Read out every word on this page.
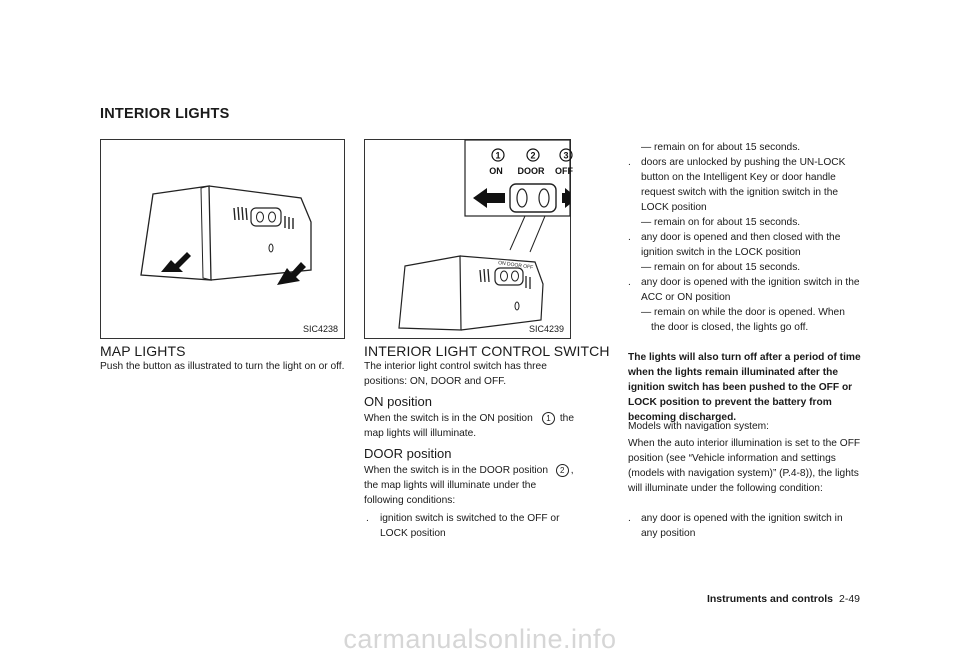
INTERIOR LIGHTS
SIC4238
MAP LIGHTS
Push the button as illustrated to turn the light on or off.
1	2	3
ON DOOR OFF
ON DOOR OFF
SIC4239
INTERIOR LIGHT CONTROL SWITCH
The interior light control switch has three positions: ON, DOOR and OFF.
ON position
When the switch is in the ON position	1 the
map lights will illuminate.
DOOR position
When the switch is in the DOOR position 2 ,
the map lights will illuminate under the following conditions:
.	ignition switch is switched to the OFF or LOCK position
— remain on for about 15 seconds.
. doors are unlocked by pushing the UN-LOCK button on the Intelligent Key or door handle request switch with the ignition switch in the LOCK position
— remain on for about 15 seconds.
. any door is opened and then closed with the ignition switch in the LOCK position
— remain on for about 15 seconds.
. any door is opened with the ignition switch in the ACC or ON position
— remain on while the door is opened. When the door is closed, the lights go off.
The lights will also turn off after a period of time when the lights remain illuminated after the ignition switch has been pushed to the OFF or LOCK position to prevent the battery from becoming discharged.
Models with navigation system:
When the auto interior illumination is set to the OFF position (see “Vehicle information and settings (models with navigation system)” (P.4-8)), the lights will illuminate under the following condition:
. any door is opened with the ignition switch in any position
Instruments and controls 2-49
carmanualsonline.info
